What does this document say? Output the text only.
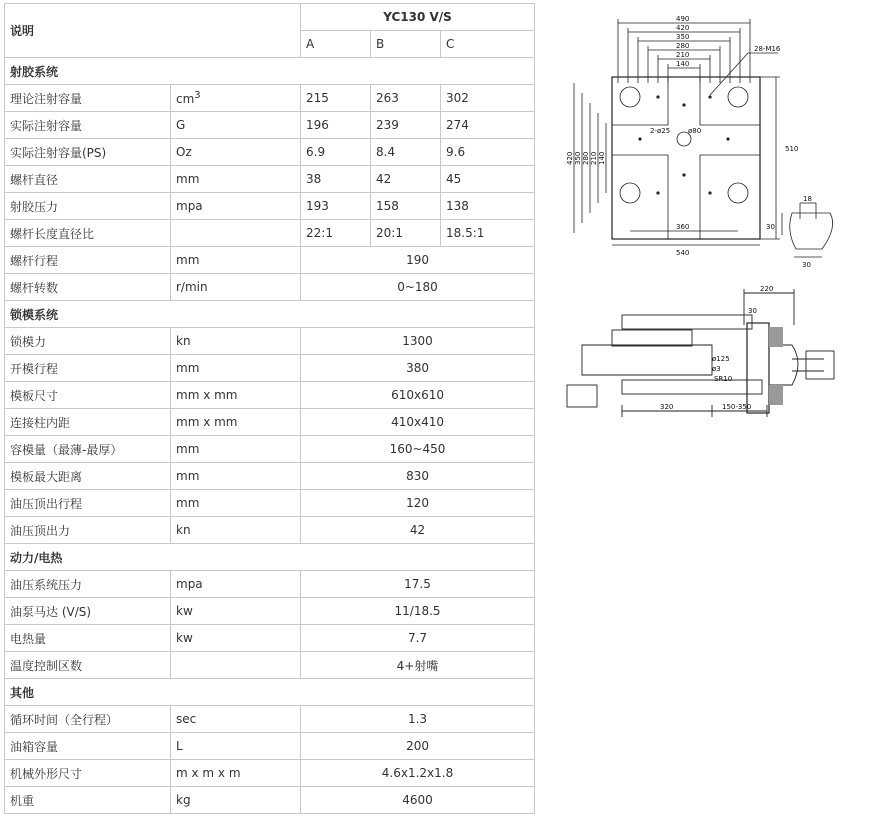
说明		YC130 V/S		
		A	B	C
射胶系统				
理论注射容量	$cm^3$	215	263	302
实际注射容量	G	196	239	274
实际注射容量(PS)	Oz	6.9	8.4	9.6
螺杆直径	mm	38	42	45
射胶压力	mpa	193	158	138
螺杆长度直径比		22:1	20:1	18.5:1
螺杆行程	mm	190		
螺杆转数	r/min	0~180		
锁模系统				
锁模力	kn	1300		
开模行程	mm	380		
模板尺寸	mm x mm	610x610		
连接柱内距	mm x mm	410x410		
容模量（最薄-最厚）	mm	160~450		
模板最大距离	mm	830		
油压顶出行程	mm	120		
油压顶出力	kn	42		
动力/电热				
油压系统压力	mpa	17.5		
油泵马达 (V/S)	kw	11/18.5		
电热量	kw	7.7		
温度控制区数		4+射嘴		
其他				
循环时间（全行程）	sec	1.3		
油箱容量	L	200		
机械外形尺寸	m x m x m	4.6x1.2x1.8		
机重	kg	4600		
490
420
350
280
210
140
28-M16
510
2-ø25	ø80
360
540
18
30
30
420 350 280 210 140
220
30
ø125
ø3
SR10
320	150-350
